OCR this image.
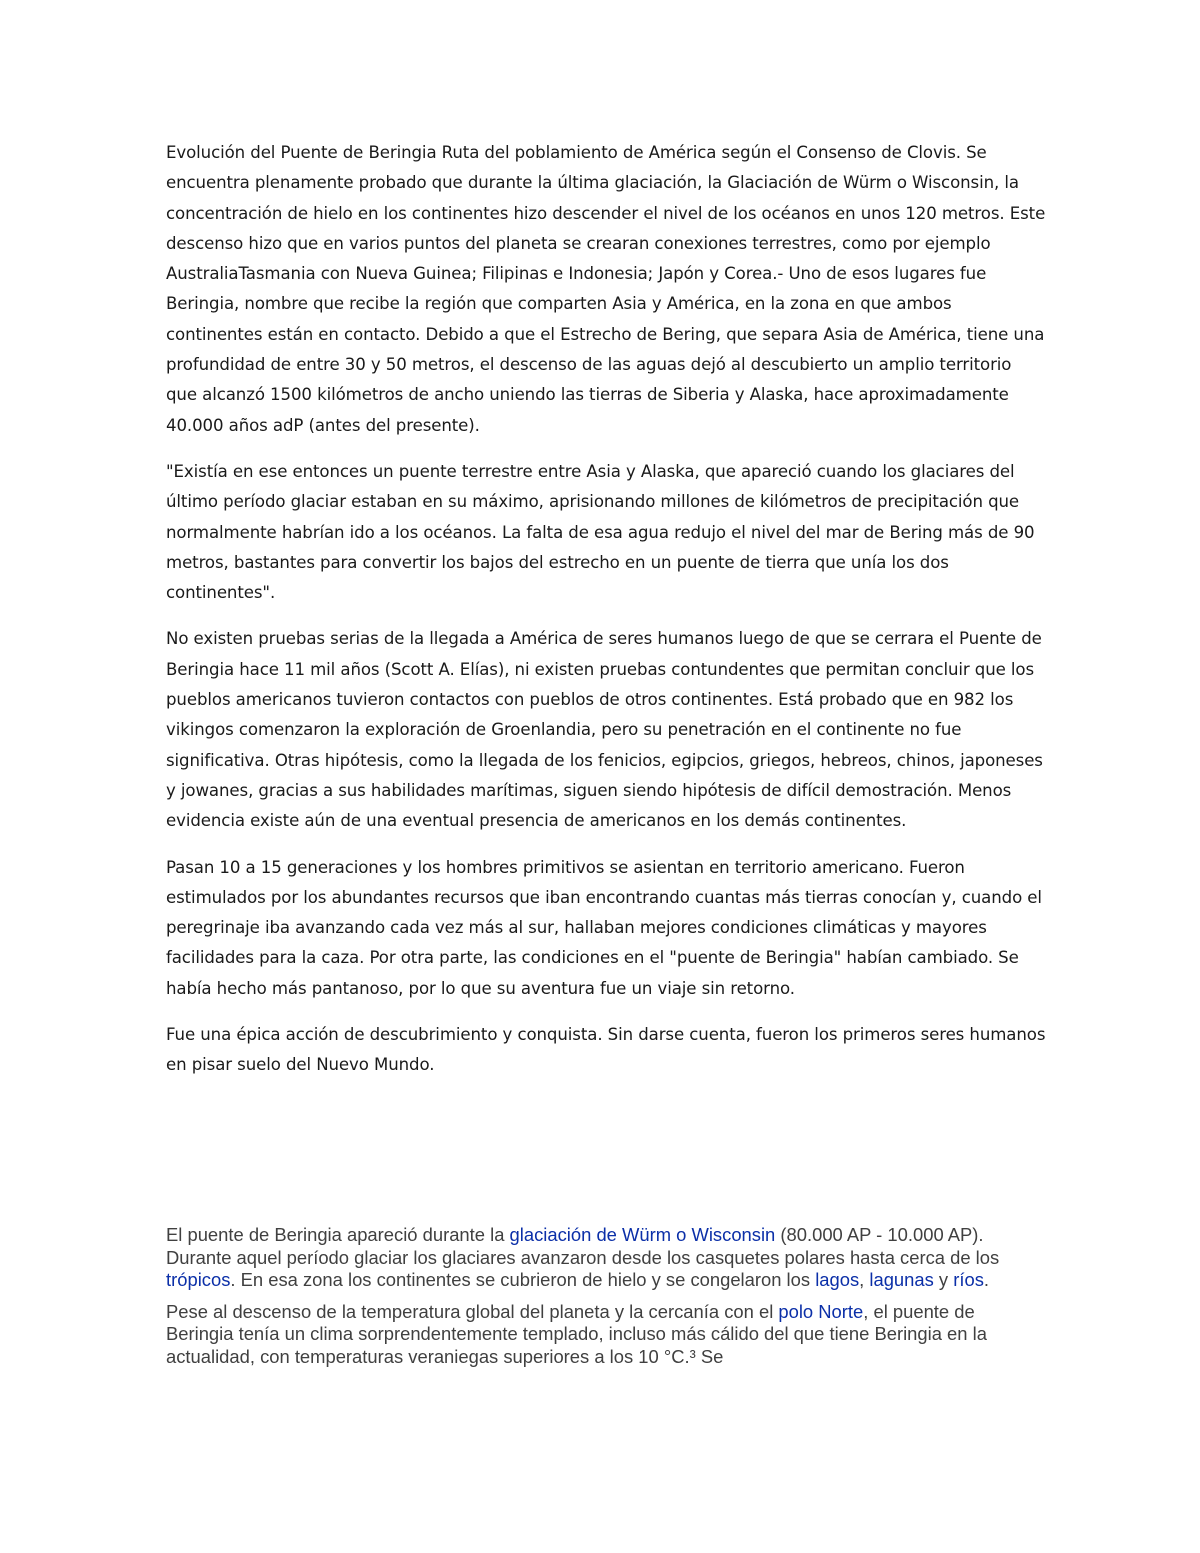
Evolución del Puente de Beringia Ruta del poblamiento de América según el Consenso de Clovis. Se encuentra plenamente probado que durante la última glaciación, la Glaciación de Würm o Wisconsin, la concentración de hielo en los continentes hizo descender el nivel de los océanos en unos 120 metros. Este descenso hizo que en varios puntos del planeta se crearan conexiones terrestres, como por ejemplo AustraliaTasmania con Nueva Guinea; Filipinas e Indonesia; Japón y Corea.- Uno de esos lugares fue Beringia, nombre que recibe la región que comparten Asia y América, en la zona en que ambos continentes están en contacto. Debido a que el Estrecho de Bering, que separa Asia de América, tiene una profundidad de entre 30 y 50 metros, el descenso de las aguas dejó al descubierto un amplio territorio que alcanzó 1500 kilómetros de ancho uniendo las tierras de Siberia y Alaska, hace aproximadamente 40.000 años adP (antes del presente).

"Existía en ese entonces un puente terrestre entre Asia y Alaska, que apareció cuando los glaciares del último período glaciar estaban en su máximo, aprisionando millones de kilómetros de precipitación que normalmente habrían ido a los océanos. La falta de esa agua redujo el nivel del mar de Bering más de 90 metros, bastantes para convertir los bajos del estrecho en un puente de tierra que unía los dos continentes".

No existen pruebas serias de la llegada a América de seres humanos luego de que se cerrara el Puente de Beringia hace 11 mil años (Scott A. Elías), ni existen pruebas contundentes que permitan concluir que los pueblos americanos tuvieron contactos con pueblos de otros continentes. Está probado que en 982 los vikingos comenzaron la exploración de Groenlandia, pero su penetración en el continente no fue significativa. Otras hipótesis, como la llegada de los fenicios, egipcios, griegos, hebreos, chinos, japoneses y jowanes, gracias a sus habilidades marítimas, siguen siendo hipótesis de difícil demostración. Menos evidencia existe aún de una eventual presencia de americanos en los demás continentes.

Pasan 10 a 15 generaciones y los hombres primitivos se asientan en territorio americano. Fueron estimulados por los abundantes recursos que iban encontrando cuantas más tierras conocían y, cuando el peregrinaje iba avanzando cada vez más al sur, hallaban mejores condiciones climáticas y mayores facilidades para la caza. Por otra parte, las condiciones en el "puente de Beringia" habían cambiado. Se había hecho más pantanoso, por lo que su aventura fue un viaje sin retorno.

Fue una épica acción de descubrimiento y conquista. Sin darse cuenta, fueron los primeros seres humanos en pisar suelo del Nuevo Mundo.

El puente de Beringia apareció durante la glaciación de Würm o Wisconsin (80.000 AP - 10.000 AP). Durante aquel período glaciar los glaciares avanzaron desde los casquetes polares hasta cerca de los trópicos. En esa zona los continentes se cubrieron de hielo y se congelaron los lagos, lagunas y ríos.

Pese al descenso de la temperatura global del planeta y la cercanía con el polo Norte, el puente de Beringia tenía un clima sorprendentemente templado, incluso más cálido del que tiene Beringia en la actualidad, con temperaturas veraniegas superiores a los 10 °C.³ Se
